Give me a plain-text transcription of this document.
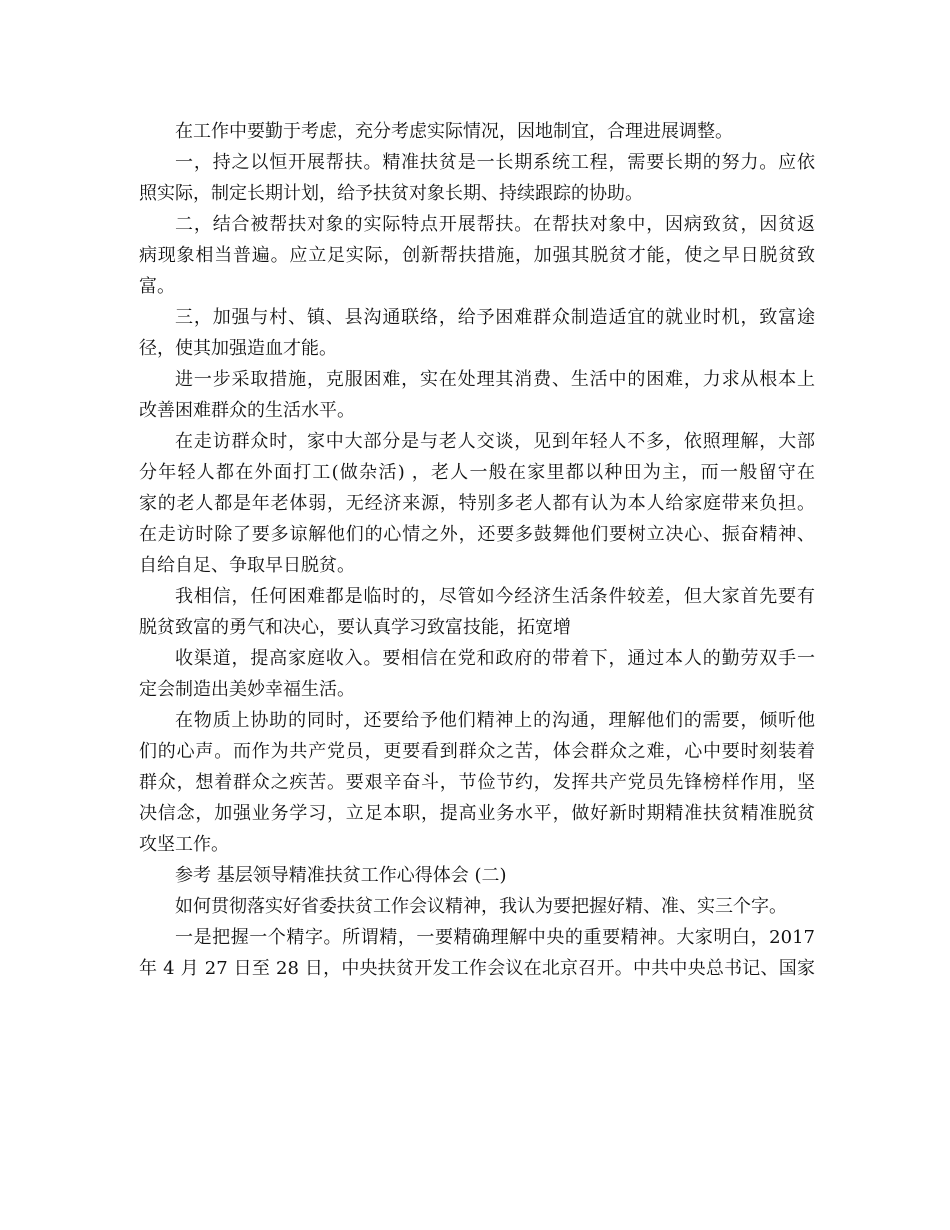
在工作中要勤于考虑，充分考虑实际情况，因地制宜，合理进展调整。
一，持之以恒开展帮扶。精准扶贫是一长期系统工程，需要长期的努力。应依
照实际，制定长期计划，给予扶贫对象长期、持续跟踪的协助。
二，结合被帮扶对象的实际特点开展帮扶。在帮扶对象中，因病致贫，因贫返
病现象相当普遍。应立足实际，创新帮扶措施，加强其脱贫才能，使之早日脱贫致
富。
三，加强与村、镇、县沟通联络，给予困难群众制造适宜的就业时机，致富途
径，使其加强造血才能。
进一步采取措施，克服困难，实在处理其消费、生活中的困难，力求从根本上
改善困难群众的生活水平。
在走访群众时，家中大部分是与老人交谈，见到年轻人不多，依照理解，大部
分年轻人都在外面打工(做杂活) ，老人一般在家里都以种田为主，而一般留守在
家的老人都是年老体弱，无经济来源，特别多老人都有认为本人给家庭带来负担。
在走访时除了要多谅解他们的心情之外，还要多鼓舞他们要树立决心、振奋精神、
自给自足、争取早日脱贫。
我相信，任何困难都是临时的，尽管如今经济生活条件较差，但大家首先要有
脱贫致富的勇气和决心，要认真学习致富技能，拓宽增
收渠道，提高家庭收入。要相信在党和政府的带着下，通过本人的勤劳双手一
定会制造出美妙幸福生活。
在物质上协助的同时，还要给予他们精神上的沟通，理解他们的需要，倾听他
们的心声。而作为共产党员，更要看到群众之苦，体会群众之难，心中要时刻装着
群众，想着群众之疾苦。要艰辛奋斗，节俭节约，发挥共产党员先锋榜样作用，坚
决信念，加强业务学习，立足本职，提高业务水平，做好新时期精准扶贫精准脱贫
攻坚工作。
参考 基层领导精准扶贫工作心得体会 (二)
如何贯彻落实好省委扶贫工作会议精神，我认为要把握好精、准、实三个字。
一是把握一个精字。所谓精，一要精确理解中央的重要精神。大家明白，2017
年 4 月 27 日至 28 日，中央扶贫开发工作会议在北京召开。中共中央总书记、国家
